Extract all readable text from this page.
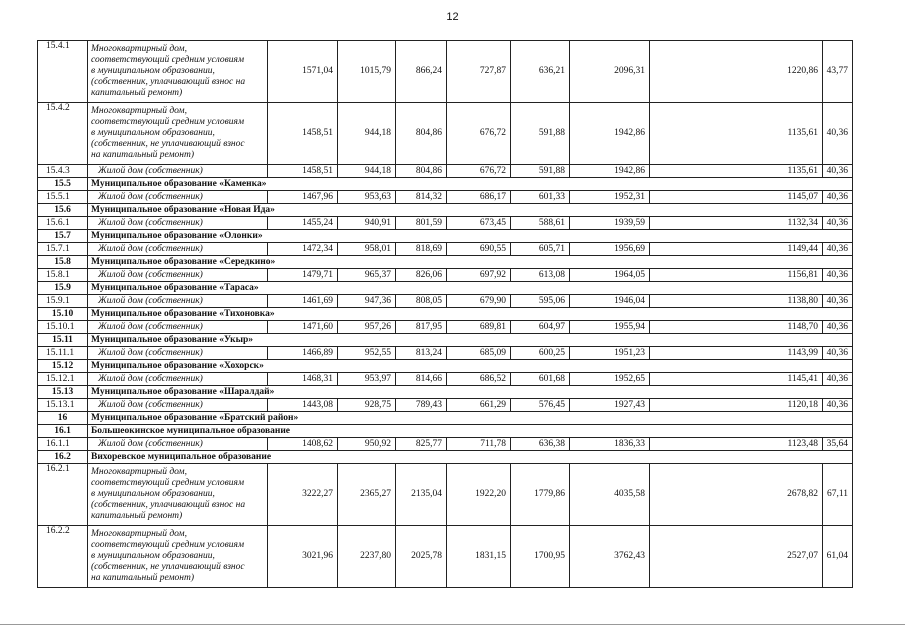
12
15.4.1	Многоквартирный дом,
соответствующий средним условиям
в муниципальном образовании,
(собственник, уплачивающий взнос на
капитальный ремонт)	1571,04	1015,79	866,24	727,87	636,21	2096,31	1220,86	43,77
15.4.2	Многоквартирный дом,
соответствующий средним условиям
в муниципальном образовании,
(собственник, не уплачивающий взнос
на капитальный ремонт)	1458,51	944,18	804,86	676,72	591,88	1942,86	1135,61	40,36
15.4.3	Жилой дом (собственник)	1458,51	944,18	804,86	676,72	591,88	1942,86	1135,61	40,36
15.5	Муниципальное образование «Каменка»								
15.5.1	Жилой дом (собственник)	1467,96	953,63	814,32	686,17	601,33	1952,31	1145,07	40,36
15.6	Муниципальное образование «Новая Ида»								
15.6.1	Жилой дом (собственник)	1455,24	940,91	801,59	673,45	588,61	1939,59	1132,34	40,36
15.7	Муниципальное образование «Олонки»								
15.7.1	Жилой дом (собственник)	1472,34	958,01	818,69	690,55	605,71	1956,69	1149,44	40,36
15.8	Муниципальное образование «Середкино»								
15.8.1	Жилой дом (собственник)	1479,71	965,37	826,06	697,92	613,08	1964,05	1156,81	40,36
15.9	Муниципальное образование «Тараса»								
15.9.1	Жилой дом (собственник)	1461,69	947,36	808,05	679,90	595,06	1946,04	1138,80	40,36
15.10	Муниципальное образование «Тихоновка»								
15.10.1	Жилой дом (собственник)	1471,60	957,26	817,95	689,81	604,97	1955,94	1148,70	40,36
15.11	Муниципальное образование «Укыр»								
15.11.1	Жилой дом (собственник)	1466,89	952,55	813,24	685,09	600,25	1951,23	1143,99	40,36
15.12	Муниципальное образование «Хохорск»								
15.12.1	Жилой дом (собственник)	1468,31	953,97	814,66	686,52	601,68	1952,65	1145,41	40,36
15.13	Муниципальное образование «Шаралдай»								
15.13.1	Жилой дом (собственник)	1443,08	928,75	789,43	661,29	576,45	1927,43	1120,18	40,36
16	Муниципальное образование «Братский район»								
16.1	Большеокинское муниципальное образование								
16.1.1	Жилой дом (собственник)	1408,62	950,92	825,77	711,78	636,38	1836,33	1123,48	35,64
16.2	Вихоревское муниципальное образование								
16.2.1	Многоквартирный дом,
соответствующий средним условиям
в муниципальном образовании,
(собственник, уплачивающий взнос на
капитальный ремонт)	3222,27	2365,27	2135,04	1922,20	1779,86	4035,58	2678,82	67,11
16.2.2	Многоквартирный дом,
соответствующий средним условиям
в муниципальном образовании,
(собственник, не уплачивающий взнос
на капитальный ремонт)	3021,96	2237,80	2025,78	1831,15	1700,95	3762,43	2527,07	61,04
